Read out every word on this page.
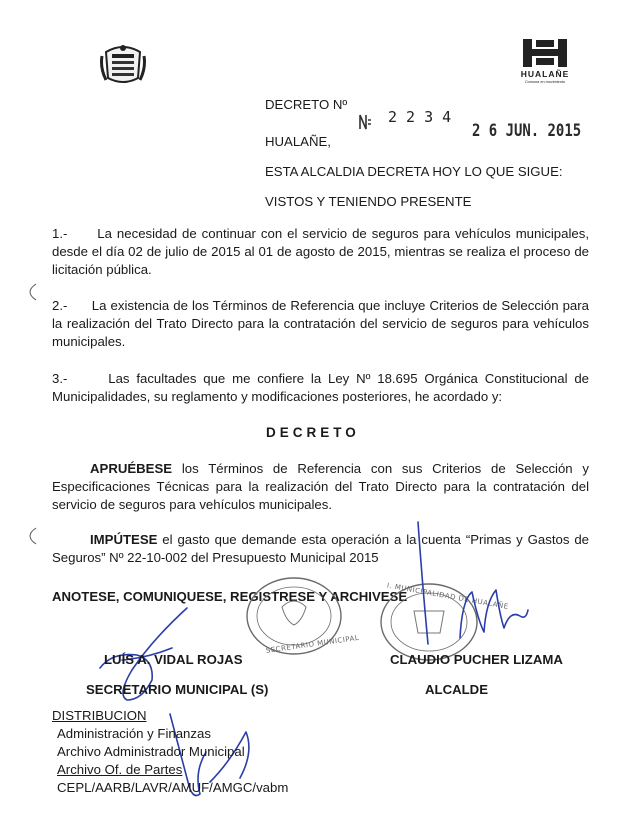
HUALAÑE
Comuna en movimiento
DECRETO Nº
2 2 3 4
HUALAÑE,
2 6 JUN. 2015
ESTA ALCALDIA DECRETA HOY LO QUE SIGUE:
VISTOS Y TENIENDO PRESENTE
1.- La necesidad de continuar con el servicio de seguros para vehículos municipales, desde el día 02 de julio de 2015 al 01 de agosto de 2015, mientras se realiza el proceso de licitación pública.
2.- La existencia de los Términos de Referencia que incluye Criterios de Selección para la realización del Trato Directo para la contratación del servicio de seguros para vehículos municipales.
3.-	Las facultades que me confiere la Ley Nº 18.695 Orgánica Constitucional de Municipalidades, su reglamento y modificaciones posteriores, he acordado y:
DECRETO
APRUÉBESE los Términos de Referencia con sus Criterios de Selección y Especificaciones Técnicas para la realización del Trato Directo para la contratación del servicio de seguros para vehículos municipales.
IMPÚTESE el gasto que demande esta operación a la cuenta “Primas y Gastos de Seguros” Nº 22-10-002 del Presupuesto Municipal 2015
ANOTESE, COMUNIQUESE, REGISTRESE Y ARCHIVESE
SECRETARIO MUNICIPAL
I. MUNICIPALIDAD DE HUALAÑE
LUÍS A. VIDAL ROJAS
SECRETARIO MUNICIPAL (S)
CLAUDIO PUCHER LIZAMA
ALCALDE
DISTRIBUCION
Administración y Finanzas
Archivo Administrador Municipal
Archivo Of. de Partes
CEPL/AARB/LAVR/AMUF/AMGC/vabm
